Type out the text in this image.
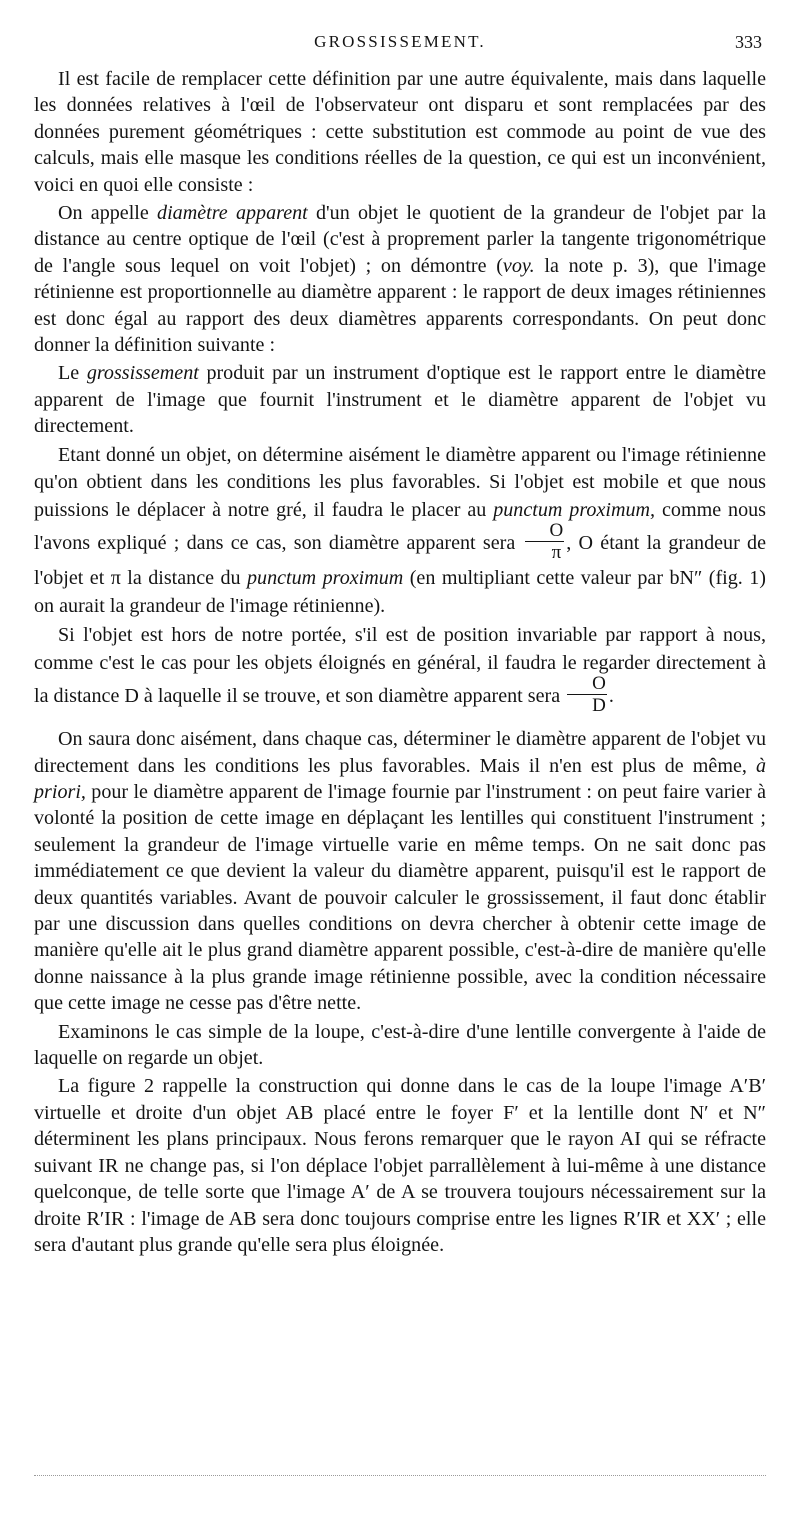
GROSSISSEMENT.	333

Il est facile de remplacer cette définition par une autre équivalente, mais dans laquelle les données relatives à l'œil de l'observateur ont disparu et sont remplacées par des données purement géométriques : cette substitution est commode au point de vue des calculs, mais elle masque les conditions réelles de la question, ce qui est un inconvénient, voici en quoi elle consiste :

On appelle diamètre apparent d'un objet le quotient de la grandeur de l'objet par la distance au centre optique de l'œil (c'est à proprement parler la tangente trigonométrique de l'angle sous lequel on voit l'objet) ; on démontre (voy. la note p. 3), que l'image rétinienne est proportionnelle au diamètre apparent : le rapport de deux images rétiniennes est donc égal au rapport des deux diamètres apparents correspondants. On peut donc donner la définition suivante :

Le grossissement produit par un instrument d'optique est le rapport entre le diamètre apparent de l'image que fournit l'instrument et le diamètre apparent de l'objet vu directement.

Etant donné un objet, on détermine aisément le diamètre apparent ou l'image rétinienne qu'on obtient dans les conditions les plus favorables. Si l'objet est mobile et que nous puissions le déplacer à notre gré, il faudra le placer au punctum proximum, comme nous l'avons expliqué ; dans ce cas, son diamètre apparent sera $\frac{O}{\pi}$ , O étant la grandeur de l'objet et π la distance du punctum proximum (en multipliant cette valeur par bN″ (fig. 1) on aurait la grandeur de l'image rétinienne).

Si l'objet est hors de notre portée, s'il est de position invariable par rapport à nous, comme c'est le cas pour les objets éloignés en général, il faudra le regarder directement à la distance D à laquelle il se trouve, et son diamètre apparent sera $\frac{O}{D}$ .

On saura donc aisément, dans chaque cas, déterminer le diamètre apparent de l'objet vu directement dans les conditions les plus favorables. Mais il n'en est plus de même, à priori, pour le diamètre apparent de l'image fournie par l'instrument : on peut faire varier à volonté la position de cette image en déplaçant les lentilles qui constituent l'instrument ; seulement la grandeur de l'image virtuelle varie en même temps. On ne sait donc pas immédiatement ce que devient la valeur du diamètre apparent, puisqu'il est le rapport de deux quantités variables. Avant de pouvoir calculer le grossissement, il faut donc établir par une discussion dans quelles conditions on devra chercher à obtenir cette image de manière qu'elle ait le plus grand diamètre apparent possible, c'est-à-dire de manière qu'elle donne naissance à la plus grande image rétinienne possible, avec la condition nécessaire que cette image ne cesse pas d'être nette.

Examinons le cas simple de la loupe, c'est-à-dire d'une lentille convergente à l'aide de laquelle on regarde un objet.

La figure 2 rappelle la construction qui donne dans le cas de la loupe l'image A′B′ virtuelle et droite d'un objet AB placé entre le foyer F′ et la lentille dont N′ et N″ déterminent les plans principaux. Nous ferons remarquer que le rayon AI qui se réfracte suivant IR ne change pas, si l'on déplace l'objet parrallèlement à lui-même à une distance quelconque, de telle sorte que l'image A′ de A se trouvera toujours nécessairement sur la droite R′IR : l'image de AB sera donc toujours comprise entre les lignes R′IR et XX′ ; elle sera d'autant plus grande qu'elle sera plus éloignée.
